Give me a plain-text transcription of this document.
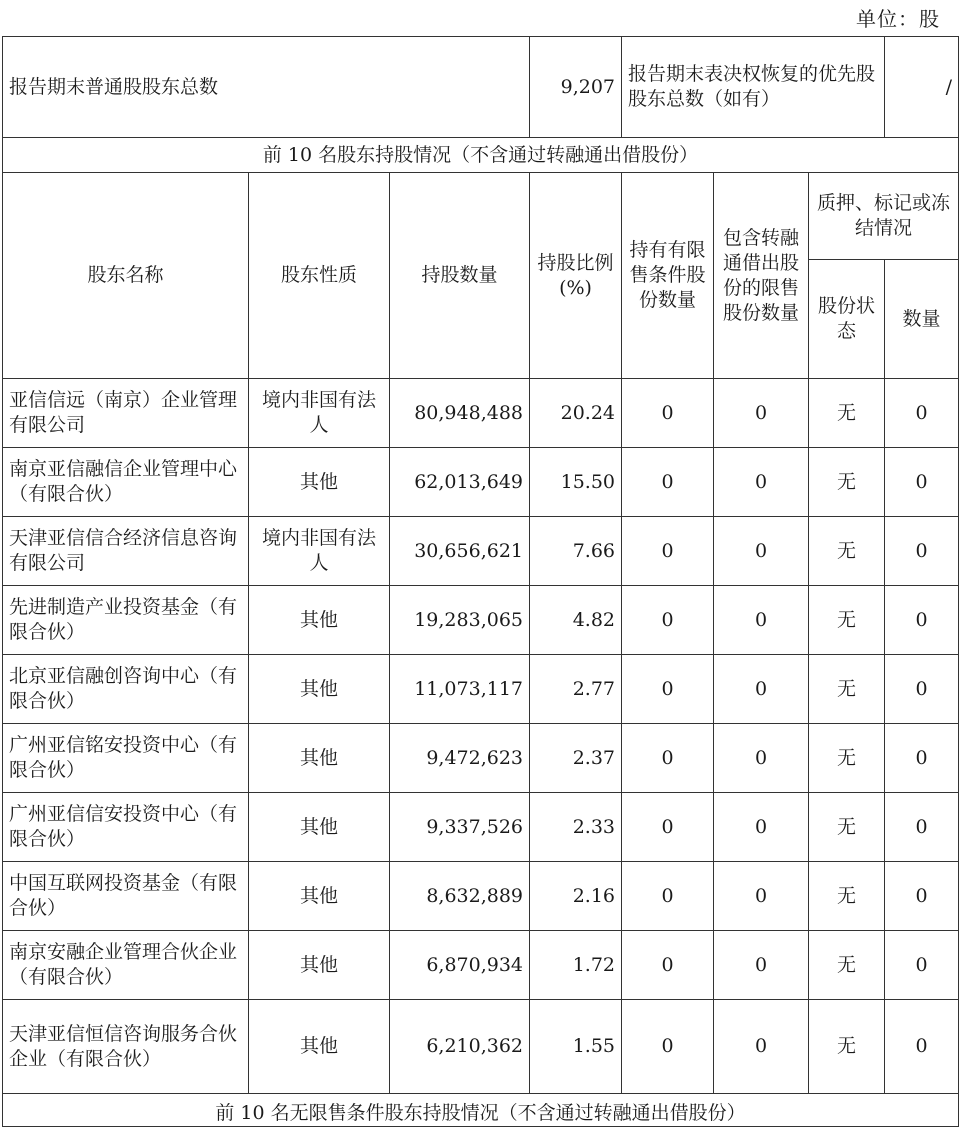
单位：股
报告期末普通股股东总数			9,207	报告期末表决权恢复的优先股股东总数（如有）			/
前 10 名股东持股情况（不含通过转融通出借股份）							
股东名称	股东性质	持股数量	持股比例(%)	持有有限售条件股份数量	包含转融通借出股份的限售股份数量	质押、标记或冻结情况	
						股份状态	数量
亚信信远（南京）企业管理有限公司	境内非国有法人	80,948,488	20.24	0	0	无	0
南京亚信融信企业管理中心（有限合伙）	其他	62,013,649	15.50	0	0	无	0
天津亚信信合经济信息咨询有限公司	境内非国有法人	30,656,621	7.66	0	0	无	0
先进制造产业投资基金（有限合伙）	其他	19,283,065	4.82	0	0	无	0
北京亚信融创咨询中心（有限合伙）	其他	11,073,117	2.77	0	0	无	0
广州亚信铭安投资中心（有限合伙）	其他	9,472,623	2.37	0	0	无	0
广州亚信信安投资中心（有限合伙）	其他	9,337,526	2.33	0	0	无	0
中国互联网投资基金（有限合伙）	其他	8,632,889	2.16	0	0	无	0
南京安融企业管理合伙企业（有限合伙）	其他	6,870,934	1.72	0	0	无	0
天津亚信恒信咨询服务合伙企业（有限合伙）	其他	6,210,362	1.55	0	0	无	0

前 10 名无限售条件股东持股情况（不含通过转融通出借股份）							
